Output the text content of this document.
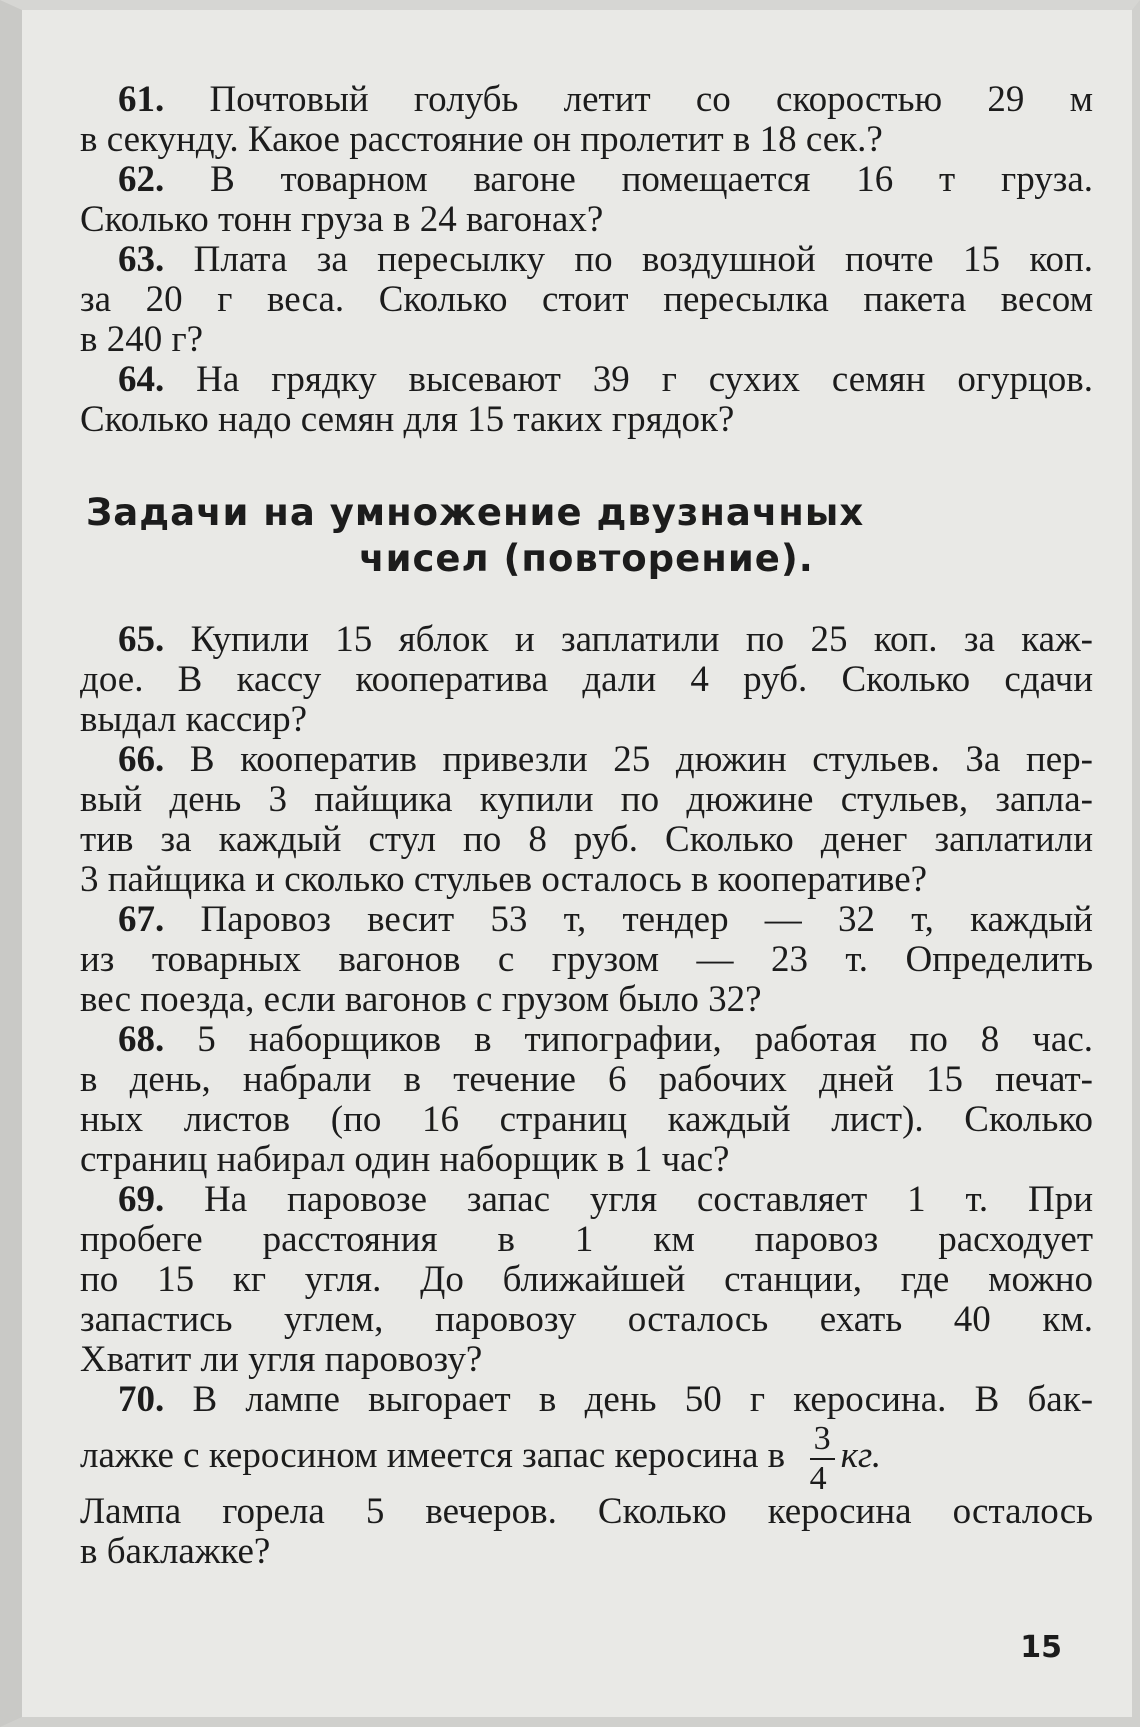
61. Почтовый голубь летит со скоростью 29 м
в секунду. Какое расстояние он пролетит в 18 сек.?
62. В товарном вагоне помещается 16 т груза.
Сколько тонн груза в 24 вагонах?
63. Плата за пересылку по воздушной почте 15 коп.
за 20 г веса. Сколько стоит пересылка пакета весом
в 240 г?
64. На грядку высевают 39 г сухих семян огурцов.
Сколько надо семян для 15 таких грядок?
Задачи на умножение двузначных
чисел (повторение).
65. Купили 15 яблок и заплатили по 25 коп. за каж-
дое. В кассу кооператива дали 4 руб. Сколько сдачи
выдал кассир?
66. В кооператив привезли 25 дюжин стульев. За пер-
вый день 3 пайщика купили по дюжине стульев, запла-
тив за каждый стул по 8 руб. Сколько денег заплатили
3 пайщика и сколько стульев осталось в кооперативе?
67. Паровоз весит 53 т, тендер — 32 т, каждый
из товарных вагонов с грузом — 23 т. Определить
вес поезда, если вагонов с грузом было 32?
68. 5 наборщиков в типографии, работая по 8 час.
в день, набрали в течение 6 рабочих дней 15 печат-
ных листов (по 16 страниц каждый лист). Сколько
страниц набирал один наборщик в 1 час?
69. На паровозе запас угля составляет 1 т. При
пробеге расстояния в 1 км паровоз расходует
по 15 кг угля. До ближайшей станции, где можно
запастись углем, паровозу осталось ехать 40 км.
Хватит ли угля паровозу?
70. В лампе выгорает в день 50 г керосина. В бак-
лажке с керосином имеется запас керосина в $\frac{3}{4}$ кг.
Лампа горела 5 вечеров. Сколько керосина осталось
в баклажке?
15
